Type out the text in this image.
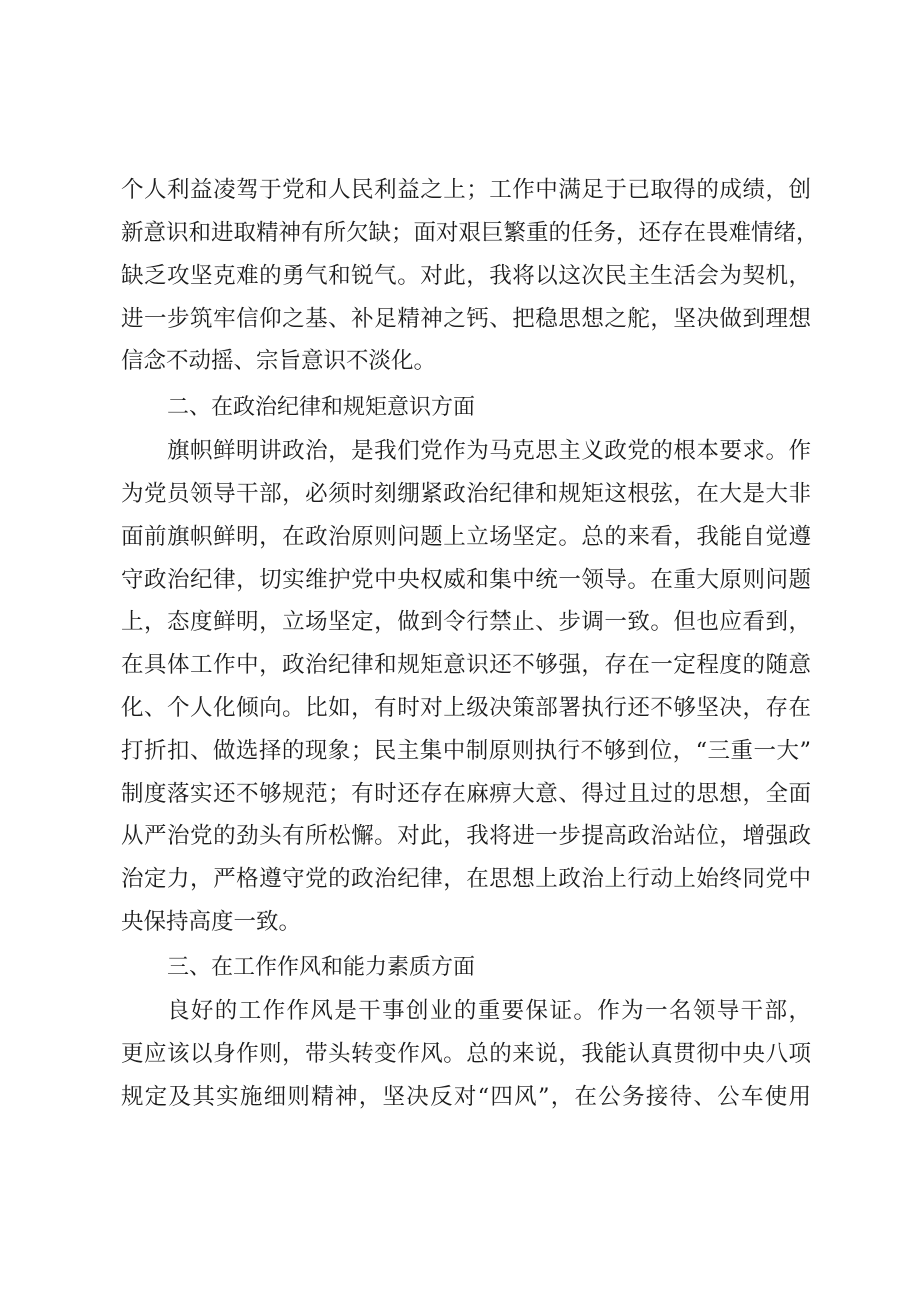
个人利益凌驾于党和人民利益之上；工作中满足于已取得的成绩，创
新意识和进取精神有所欠缺；面对艰巨繁重的任务，还存在畏难情绪，
缺乏攻坚克难的勇气和锐气。对此，我将以这次民主生活会为契机，
进一步筑牢信仰之基、补足精神之钙、把稳思想之舵，坚决做到理想
信念不动摇、宗旨意识不淡化。
二、在政治纪律和规矩意识方面
旗帜鲜明讲政治，是我们党作为马克思主义政党的根本要求。作
为党员领导干部，必须时刻绷紧政治纪律和规矩这根弦，在大是大非
面前旗帜鲜明，在政治原则问题上立场坚定。总的来看，我能自觉遵
守政治纪律，切实维护党中央权威和集中统一领导。在重大原则问题
上，态度鲜明，立场坚定，做到令行禁止、步调一致。但也应看到，
在具体工作中，政治纪律和规矩意识还不够强，存在一定程度的随意
化、个人化倾向。比如，有时对上级决策部署执行还不够坚决，存在
打折扣、做选择的现象；民主集中制原则执行不够到位，“三重一大”
制度落实还不够规范；有时还存在麻痹大意、得过且过的思想，全面
从严治党的劲头有所松懈。对此，我将进一步提高政治站位，增强政
治定力，严格遵守党的政治纪律，在思想上政治上行动上始终同党中
央保持高度一致。
三、在工作作风和能力素质方面
良好的工作作风是干事创业的重要保证。作为一名领导干部，
更应该以身作则，带头转变作风。总的来说，我能认真贯彻中央八项
规定及其实施细则精神，坚决反对“四风”，在公务接待、公车使用
